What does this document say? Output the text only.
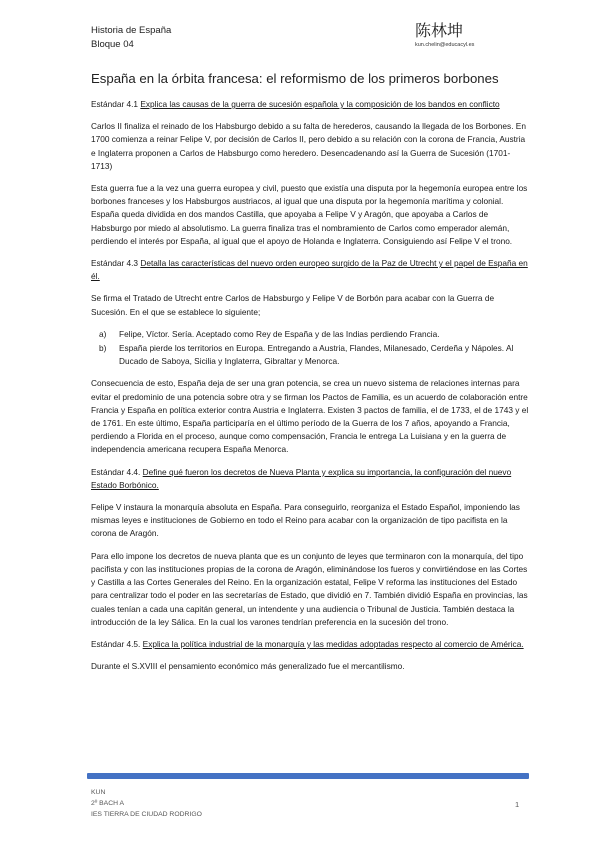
Historia de España
Bloque 04
陈林坤
kun.chelin@educacyl.es
España en la órbita francesa: el reformismo de los primeros borbones

Estándar 4.1 Explica las causas de la guerra de sucesión española y la composición de los bandos en conflicto

Carlos II finaliza el reinado de los Habsburgo debido a su falta de herederos, causando la llegada de los Borbones. En 1700 comienza a reinar Felipe V, por decisión de Carlos II, pero debido a su relación con la corona de Francia, Austria e Inglaterra proponen a Carlos de Habsburgo como heredero. Desencadenando así la Guerra de Sucesión (1701-1713)

Esta guerra fue a la vez una guerra europea y civil, puesto que existía una disputa por la hegemonía europea entre los borbones franceses y los Habsburgos austriacos, al igual que una disputa por la hegemonía marítima y colonial. España queda dividida en dos mandos Castilla, que apoyaba a Felipe V y Aragón, que apoyaba a Carlos de Habsburgo por miedo al absolutismo. La guerra finaliza tras el nombramiento de Carlos como emperador alemán, perdiendo el interés por España, al igual que el apoyo de Holanda e Inglaterra. Consiguiendo así Felipe V el trono.

Estándar 4.3 Detalla las características del nuevo orden europeo surgido de la Paz de Utrecht y el papel de España en él.

Se firma el Tratado de Utrecht entre Carlos de Habsburgo y Felipe V de Borbón para acabar con la Guerra de Sucesión. En el que se establece lo siguiente;

a) Felipe, Víctor. Sería. Aceptado como Rey de España y de las Indias perdiendo Francia.
b) España pierde los territorios en Europa. Entregando a Austria, Flandes, Milanesado, Cerdeña y Nápoles. Al Ducado de Saboya, Sicilia y Inglaterra, Gibraltar y Menorca.

Consecuencia de esto, España deja de ser una gran potencia, se crea un nuevo sistema de relaciones internas para evitar el predominio de una potencia sobre otra y se firman los Pactos de Familia, es un acuerdo de colaboración entre Francia y España en política exterior contra Austria e Inglaterra. Existen 3 pactos de familia, el de 1733, el de 1743 y el de 1761. En este último, España participaría en el último período de la Guerra de los 7 años, apoyando a Francia, perdiendo a Florida en el proceso, aunque como compensación, Francia le entrega La Luisiana y en la guerra de independencia americana recupera España Menorca.

Estándar 4.4. Define qué fueron los decretos de Nueva Planta y explica su importancia, la configuración del nuevo Estado Borbónico.

Felipe V instaura la monarquía absoluta en España. Para conseguirlo, reorganiza el Estado Español, imponiendo las mismas leyes e instituciones de Gobierno en todo el Reino para acabar con la organización de tipo pacifista en la corona de Aragón.

Para ello impone los decretos de nueva planta que es un conjunto de leyes que terminaron con la monarquía, del tipo pacifista y con las instituciones propias de la corona de Aragón, eliminándose los fueros y convirtiéndose en las Cortes y Castilla a las Cortes Generales del Reino. En la organización estatal, Felipe V reforma las instituciones del Estado para centralizar todo el poder en las secretarías de Estado, que dividió en 7. También dividió España en provincias, las cuales tenían a cada una capitán general, un intendente y una audiencia o Tribunal de Justicia. También destaca la introducción de la ley Sálica. En la cual los varones tendrían preferencia en la sucesión del trono.

Estándar 4.5. Explica la política industrial de la monarquía y las medidas adoptadas respecto al comercio de América.

Durante el S.XVIII el pensamiento económico más generalizado fue el mercantilismo.

KUN
2º BACH A
IES TIERRA DE CIUDAD RODRIGO
1
